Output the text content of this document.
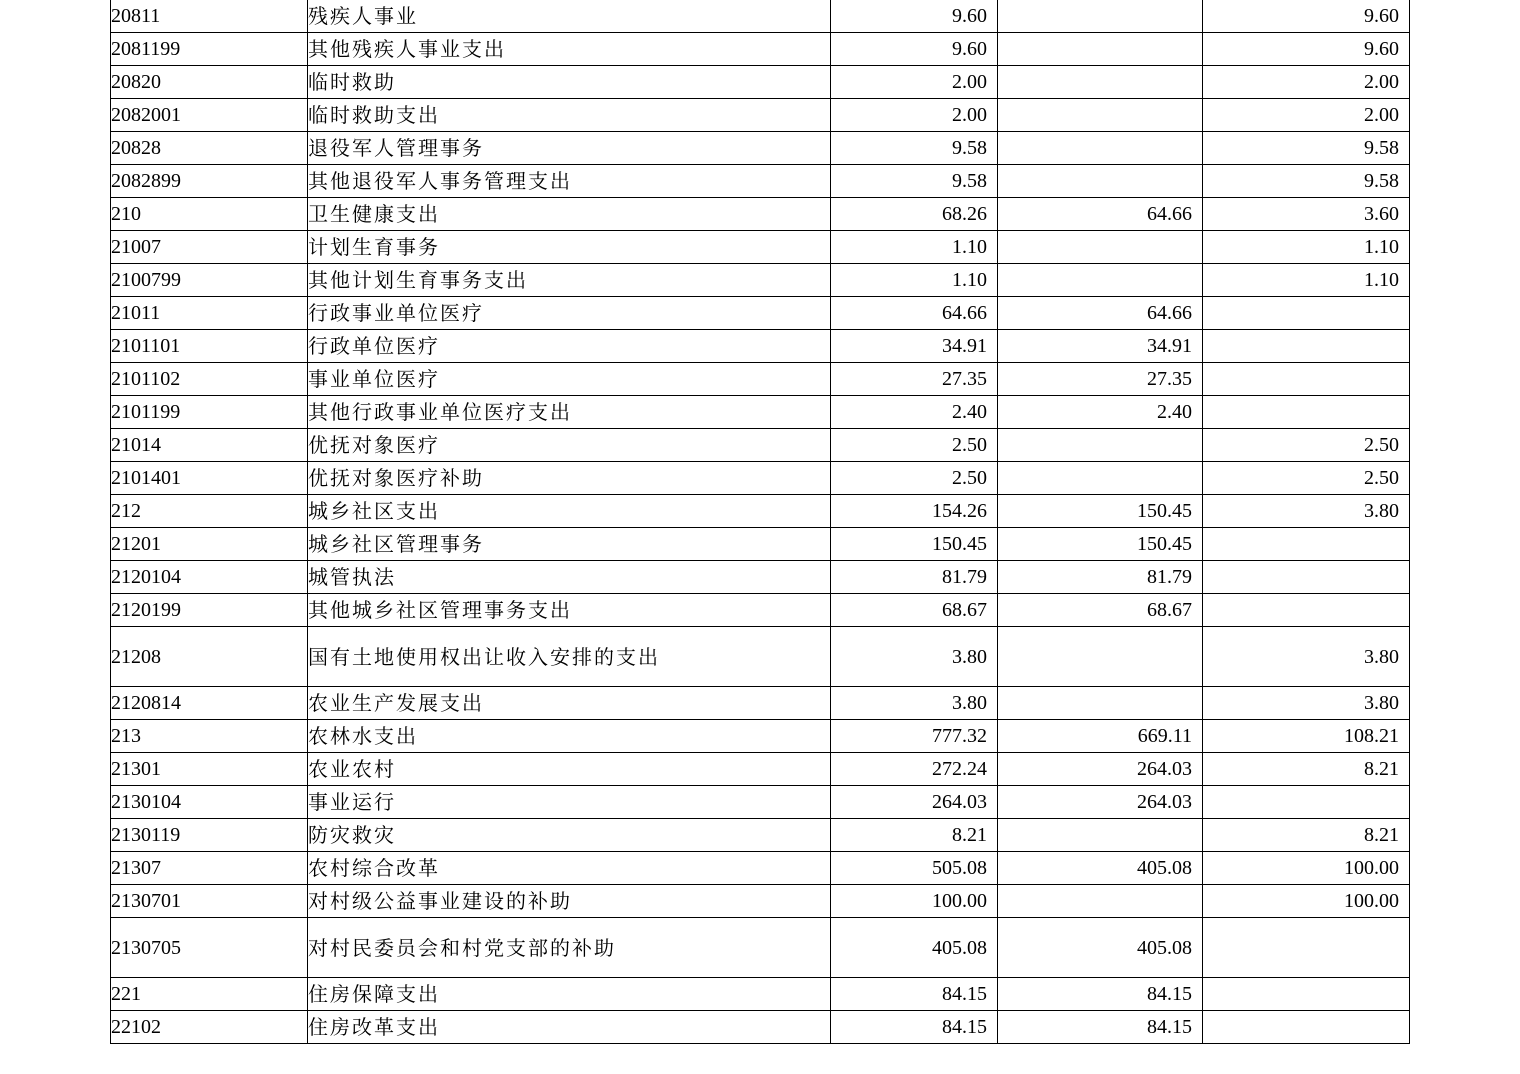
20811	残疾人事业	9.60		9.60
2081199	其他残疾人事业支出	9.60		9.60
20820	临时救助	2.00		2.00
2082001	临时救助支出	2.00		2.00
20828	退役军人管理事务	9.58		9.58
2082899	其他退役军人事务管理支出	9.58		9.58
210	卫生健康支出	68.26	64.66	3.60
21007	计划生育事务	1.10		1.10
2100799	其他计划生育事务支出	1.10		1.10
21011	行政事业单位医疗	64.66	64.66	
2101101	行政单位医疗	34.91	34.91	
2101102	事业单位医疗	27.35	27.35	
2101199	其他行政事业单位医疗支出	2.40	2.40	
21014	优抚对象医疗	2.50		2.50
2101401	优抚对象医疗补助	2.50		2.50
212	城乡社区支出	154.26	150.45	3.80
21201	城乡社区管理事务	150.45	150.45	
2120104	城管执法	81.79	81.79	
2120199	其他城乡社区管理事务支出	68.67	68.67	
21208	国有土地使用权出让收入安排的支出	3.80		3.80
2120814	农业生产发展支出	3.80		3.80
213	农林水支出	777.32	669.11	108.21
21301	农业农村	272.24	264.03	8.21
2130104	事业运行	264.03	264.03	
2130119	防灾救灾	8.21		8.21
21307	农村综合改革	505.08	405.08	100.00
2130701	对村级公益事业建设的补助	100.00		100.00
2130705	对村民委员会和村党支部的补助	405.08	405.08	
221	住房保障支出	84.15	84.15	
22102	住房改革支出	84.15	84.15	
